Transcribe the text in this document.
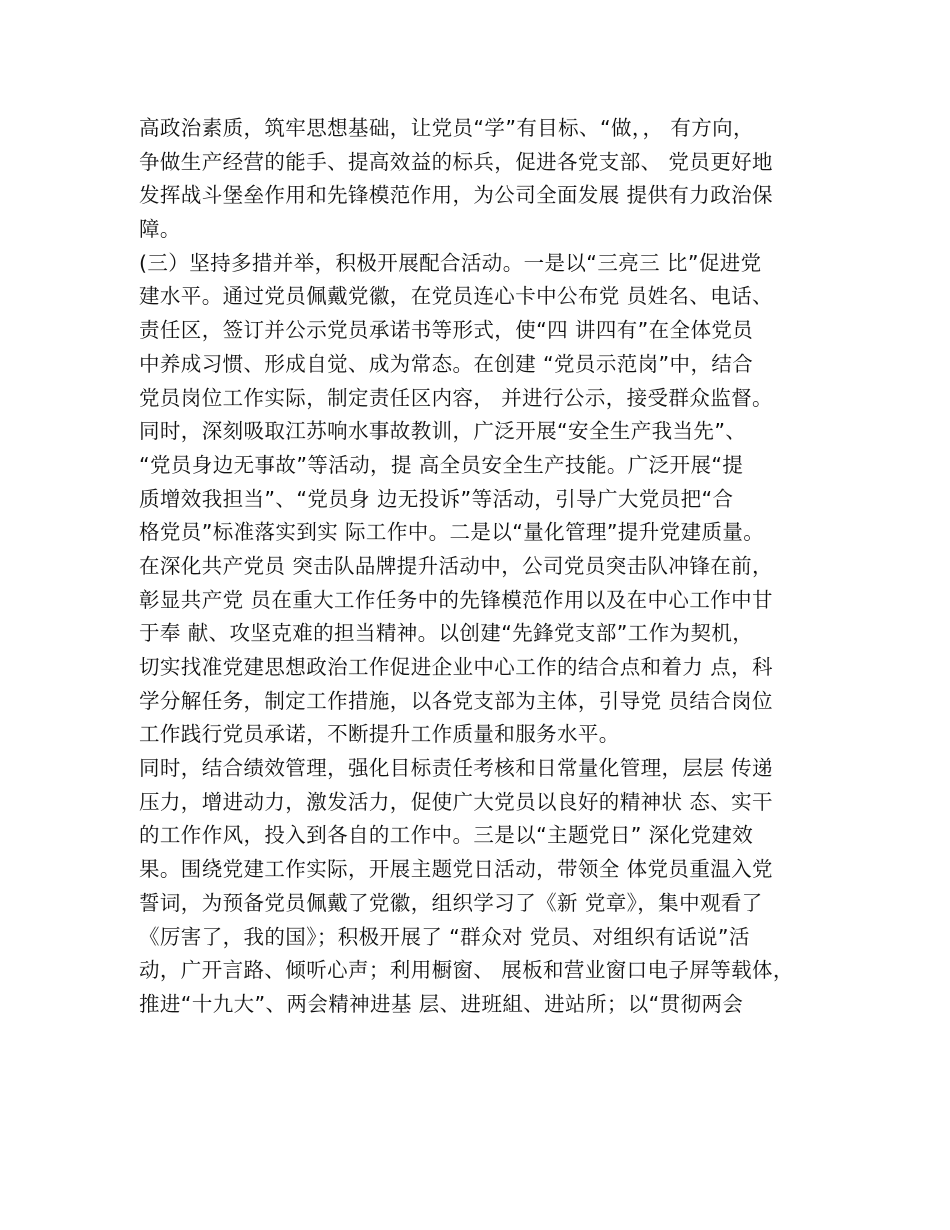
高政治素质，筑牢思想基础，让党员“学”有目标、“做，， 有方向，
争做生产经营的能手、提高效益的标兵，促进各党支部、 党员更好地
发挥战斗堡垒作用和先锋模范作用，为公司全面发展 提供有力政治保
障。
(三）坚持多措并举，积极开展配合活动。一是以“三亮三 比”促进党
建水平。通过党员佩戴党徽，在党员连心卡中公布党 员姓名、电话、
责任区，签订并公示党员承诺书等形式，使“四 讲四有”在全体党员
中养成习惯、形成自觉、成为常态。在创建 “党员示范岗”中，结合
党员岗位工作实际，制定责任区内容， 并进行公示，接受群众监督。
同时，深刻吸取江苏响水事故教训，广泛开展“安全生产我当先”、
“党员身边无事故”等活动，提 高全员安全生产技能。广泛开展“提
质增效我担当”、“党员身 边无投诉”等活动，引导广大党员把“合
格党员”标准落实到实 际工作中。二是以“量化管理”提升党建质量。
在深化共产党员 突击队品牌提升活动中，公司党员突击队冲锋在前，
彰显共产党 员在重大工作任务中的先锋模范作用以及在中心工作中甘
于奉 献、攻坚克难的担当精神。以创建“先鋒党支部”工作为契机，
切实找准党建思想政治工作促进企业中心工作的结合点和着力 点，科
学分解任务，制定工作措施，以各党支部为主体，引导党 员结合岗位
工作践行党员承诺，不断提升工作质量和服务水平。
同时，结合绩效管理，强化目标责任考核和日常量化管理，层层 传递
压力，增进动力，激发活力，促使广大党员以良好的精神状 态、实干
的工作作风，投入到各自的工作中。三是以“主题党日” 深化党建效
果。围绕党建工作实际，开展主题党日活动，带领全 体党员重温入党
誓词，为预备党员佩戴了党徽，组织学习了《新 党章》，集中观看了
《厉害了，我的国》；积极开展了 “群众对 党员、对组织有话说”活
动，广开言路、倾听心声；利用橱窗、 展板和营业窗口电子屏等载体，
推进“十九大”、两会精神进基 层、进班組、进站所；以“贯彻两会
